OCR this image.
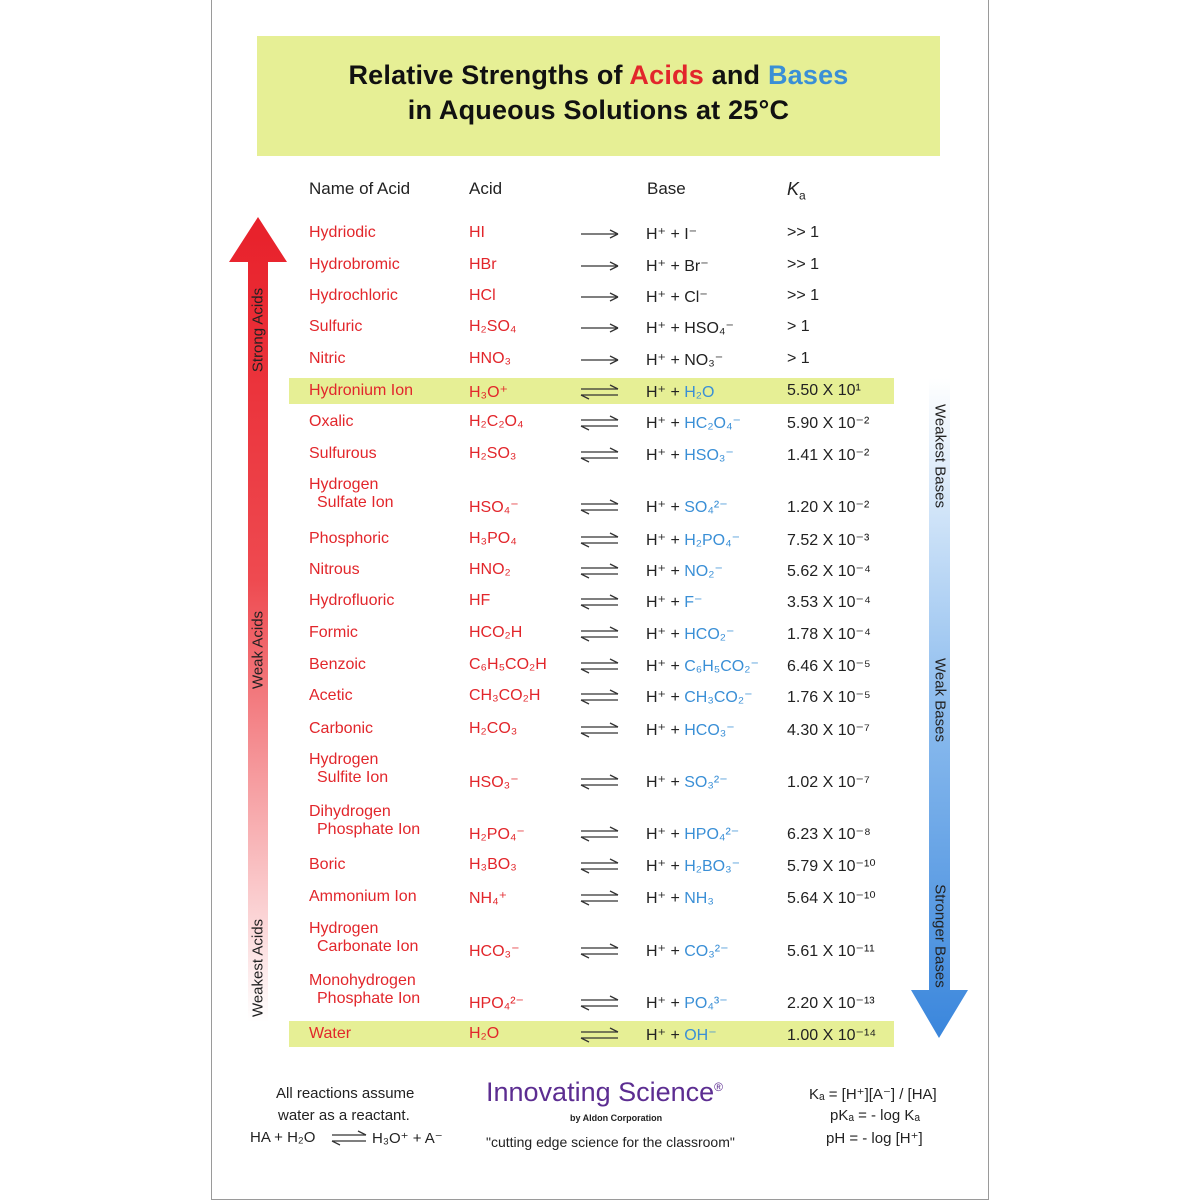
Relative Strengths of Acids and Bases
in Aqueous Solutions at 25°C
Name of Acid	Acid	Base	$K_a$
Strong Acids
Weak Acids
Weakest Acids
Weakest Bases
Weak Bases
Stronger Bases
Hydriodic	HI	H⁺ + I⁻	>> 1
Hydrobromic	HBr	H⁺ + Br⁻	>> 1
Hydrochloric	HCl	H⁺ + Cl⁻	>> 1
Sulfuric	H₂SO₄	H⁺ + HSO₄⁻	> 1
Nitric	HNO₃	H⁺ + NO₃⁻	> 1
Hydronium Ion	H₃O⁺	H⁺ + H₂O	5.50 X 10¹
Oxalic	H₂C₂O₄	H⁺ + HC₂O₄⁻	5.90 X 10⁻²
Sulfurous	H₂SO₃	H⁺ + HSO₃⁻	1.41 X 10⁻²
Hydrogen

Sulfate Ion	HSO₄⁻	H⁺ + SO₄²⁻	1.20 X 10⁻²
Phosphoric	H₃PO₄	H⁺ + H₂PO₄⁻	7.52 X 10⁻³
Nitrous	HNO₂	H⁺ + NO₂⁻	5.62 X 10⁻⁴
Hydrofluoric	HF	H⁺ + F⁻	3.53 X 10⁻⁴
Formic	HCO₂H	H⁺ + HCO₂⁻	1.78 X 10⁻⁴
Benzoic	C₆H₅CO₂H	H⁺ + C₆H₅CO₂⁻ 6.46 X 10⁻⁵
Acetic	CH₃CO₂H	H⁺ + CH₃CO₂⁻ 1.76 X 10⁻⁵
Carbonic	H₂CO₃	H⁺ + HCO₃⁻	4.30 X 10⁻⁷
Hydrogen

Sulfite Ion	HSO₃⁻	H⁺ + SO₃²⁻	1.02 X 10⁻⁷
Dihydrogen

Phosphate Ion	H₂PO₄⁻	H⁺ + HPO₄²⁻	6.23 X 10⁻⁸
Boric	H₃BO₃	H⁺ + H₂BO₃⁻	5.79 X 10⁻¹⁰
Ammonium Ion	NH₄⁺	H⁺ + NH₃	5.64 X 10⁻¹⁰
Hydrogen

Carbonate Ion	HCO₃⁻	H⁺ + CO₃²⁻	5.61 X 10⁻¹¹
Monohydrogen

Phosphate Ion	HPO₄²⁻	H⁺ + PO₄³⁻	2.20 X 10⁻¹³
Water	H₂O	H⁺ + OH⁻	1.00 X 10⁻¹⁴
All reactions assume
water as a reactant.
HA + H₂O	H₃O⁺ + A⁻
Innovating Science®
by Aldon Corporation
"cutting edge science for the classroom"
Kₐ = [H⁺][A⁻] / [HA]
pKₐ = - log Kₐ
pH = - log [H⁺]
